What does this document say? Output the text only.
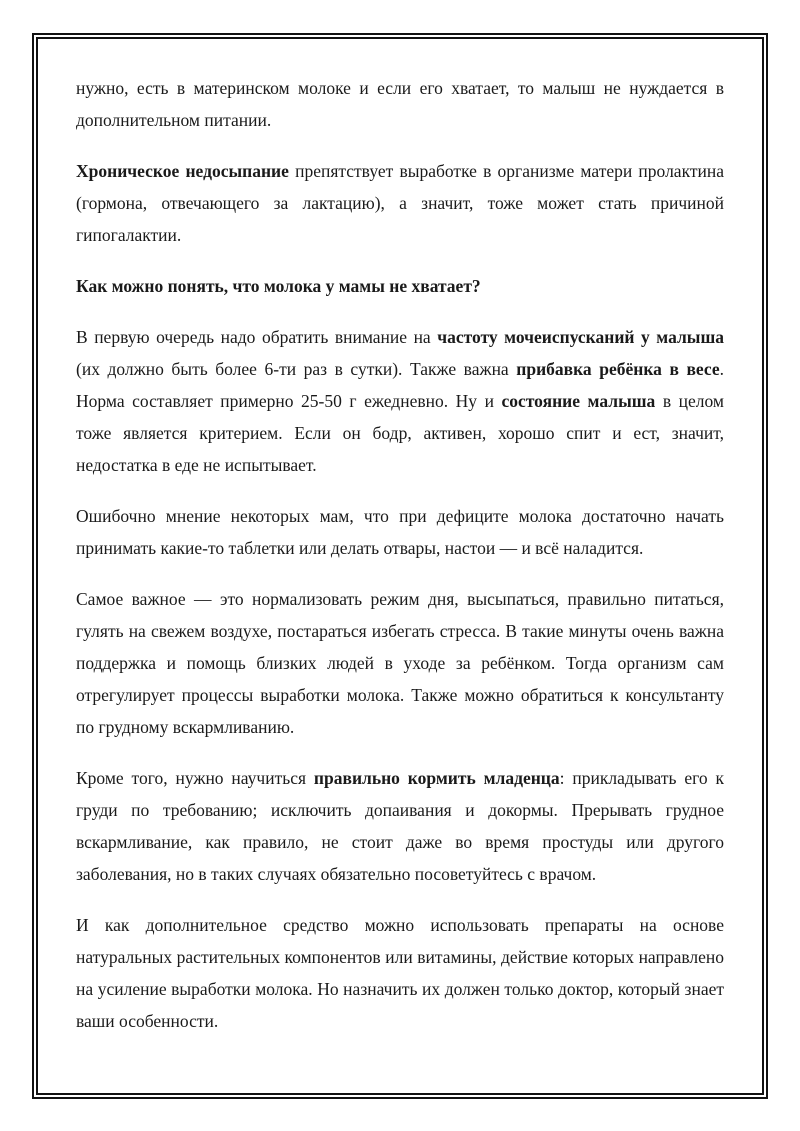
нужно, есть в материнском молоке и если его хватает, то малыш не нуждается в дополнительном питании.

Хроническое недосыпание препятствует выработке в организме матери пролактина (гормона, отвечающего за лактацию), а значит, тоже может стать причиной гипогалактии.

Как можно понять, что молока у мамы не хватает?

В первую очередь надо обратить внимание на частоту мочеиспусканий у малыша (их должно быть более 6-ти раз в сутки). Также важна прибавка ребёнка в весе. Норма составляет примерно 25-50 г ежедневно. Ну и состояние малыша в целом тоже является критерием. Если он бодр, активен, хорошо спит и ест, значит, недостатка в еде не испытывает.

Ошибочно мнение некоторых мам, что при дефиците молока достаточно начать принимать какие-то таблетки или делать отвары, настои — и всё наладится.

Самое важное — это нормализовать режим дня, высыпаться, правильно питаться, гулять на свежем воздухе, постараться избегать стресса. В такие минуты очень важна поддержка и помощь близких людей в уходе за ребёнком. Тогда организм сам отрегулирует процессы выработки молока. Также можно обратиться к консультанту по грудному вскармливанию.

Кроме того, нужно научиться правильно кормить младенца: прикладывать его к груди по требованию; исключить допаивания и докормы. Прерывать грудное вскармливание, как правило, не стоит даже во время простуды или другого заболевания, но в таких случаях обязательно посоветуйтесь с врачом.

И как дополнительное средство можно использовать препараты на основе натуральных растительных компонентов или витамины, действие которых направлено на усиление выработки молока. Но назначить их должен только доктор, который знает ваши особенности.
